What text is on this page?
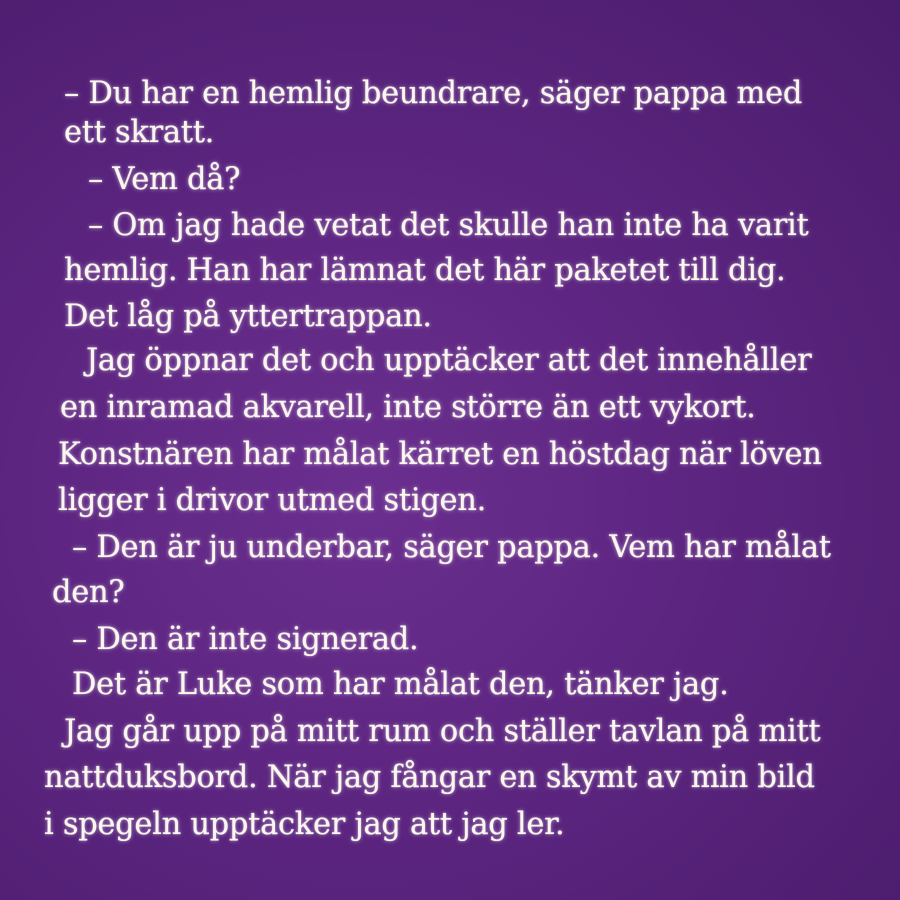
– Du har en hemlig beundrare, säger pappa med
ett skratt.
– Vem då?
– Om jag hade vetat det skulle han inte ha varit
hemlig. Han har lämnat det här paketet till dig.
Det låg på yttertrappan.
Jag öppnar det och upptäcker att det innehåller
en inramad akvarell, inte större än ett vykort.
Konstnären har målat kärret en höstdag när löven
ligger i drivor utmed stigen.
– Den är ju underbar, säger pappa. Vem har målat
den?
– Den är inte signerad.
Det är Luke som har målat den, tänker jag.
Jag går upp på mitt rum och ställer tavlan på mitt
nattduksbord. När jag fångar en skymt av min bild
i spegeln upptäcker jag att jag ler.
